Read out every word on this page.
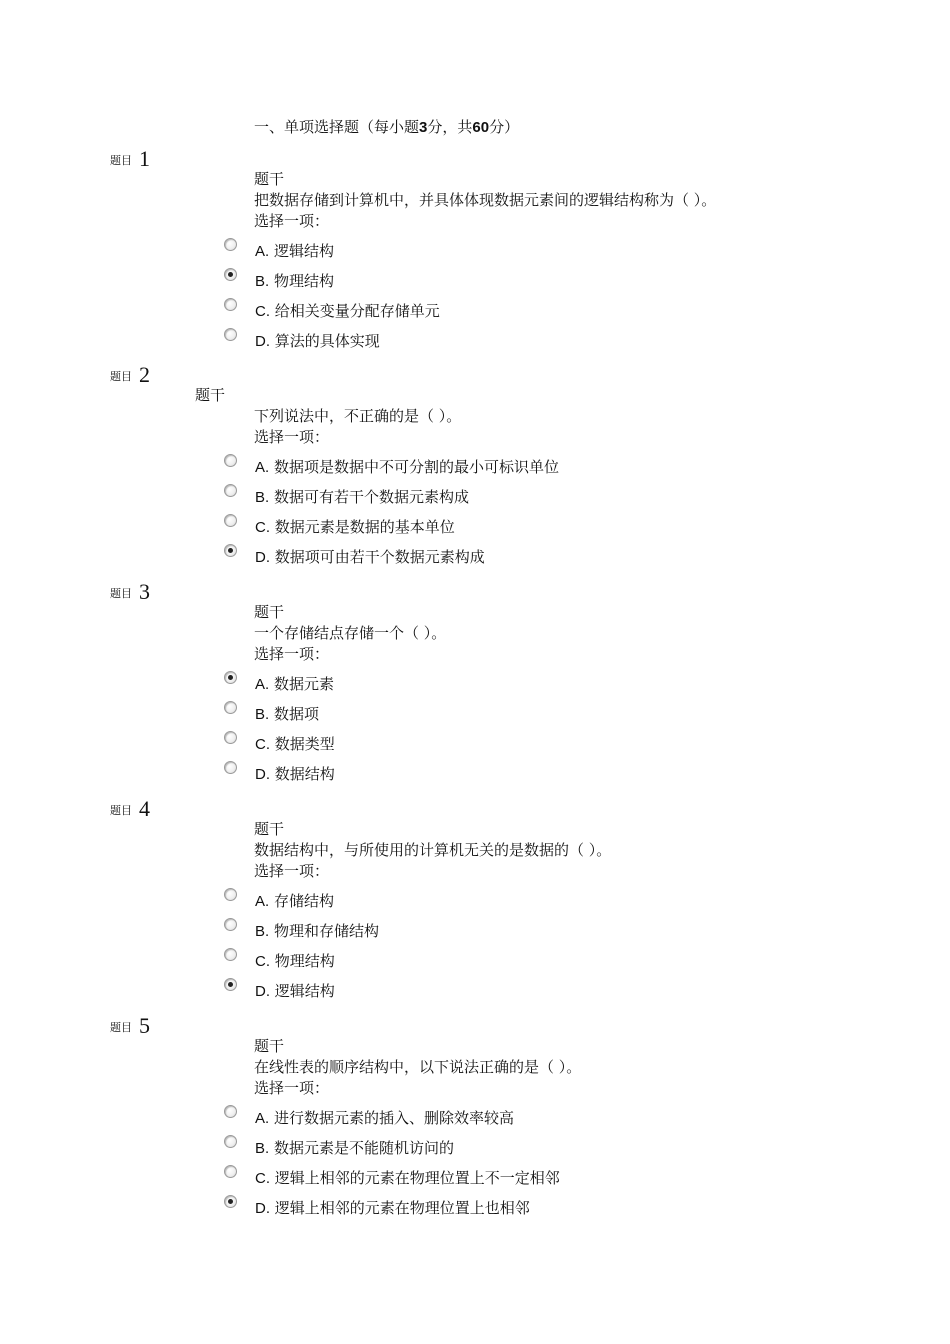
一、单项选择题（每小题3分，共60分）
题目 1
题干
把数据存储到计算机中，并具体体现数据元素间的逻辑结构称为（ ）。
选择一项：
A. 逻辑结构
B. 物理结构
C. 给相关变量分配存储单元
D. 算法的具体实现
题目 2
题干
下列说法中，不正确的是（ ）。
选择一项：
A. 数据项是数据中不可分割的最小可标识单位
B. 数据可有若干个数据元素构成
C. 数据元素是数据的基本单位
D. 数据项可由若干个数据元素构成
题目 3
题干
一个存储结点存储一个（ ）。
选择一项：
A. 数据元素
B. 数据项
C. 数据类型
D. 数据结构
题目 4
题干
数据结构中，与所使用的计算机无关的是数据的（ ）。
选择一项：
A. 存储结构
B. 物理和存储结构
C. 物理结构
D. 逻辑结构
题目 5
题干
在线性表的顺序结构中，以下说法正确的是（ ）。
选择一项：
A. 进行数据元素的插入、删除效率较高
B. 数据元素是不能随机访问的
C. 逻辑上相邻的元素在物理位置上不一定相邻
D. 逻辑上相邻的元素在物理位置上也相邻
